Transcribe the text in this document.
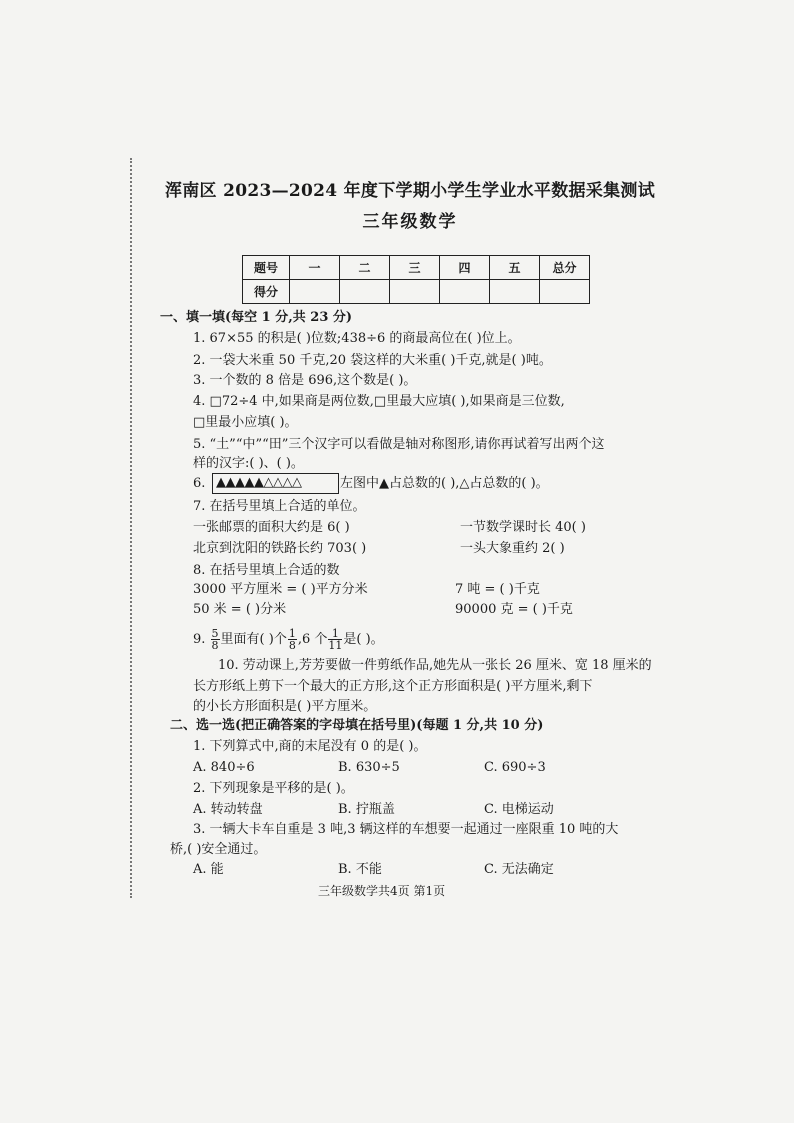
浑南区 2023—2024 年度下学期小学生学业水平数据采集测试
三年级数学
题号	一	二	三	四	五	总分
得分						
一、填一填(每空 1 分,共 23 分)
1. 67×55 的积是( )位数;438÷6 的商最高位在( )位上。
2. 一袋大米重 50 千克,20 袋这样的大米重( )千克,就是( )吨。
3. 一个数的 8 倍是 696,这个数是( )。
4. □72÷4 中,如果商是两位数,□里最大应填( ),如果商是三位数,
□里最小应填( )。
5. “土”“中”“田”三个汉字可以看做是轴对称图形,请你再试着写出两个这
样的汉字:( )、( )。
6. ▲▲▲▲▲△△△△	左图中▲占总数的( ),△占总数的( )。
7. 在括号里填上合适的单位。
一张邮票的面积大约是 6( )	一节数学课时长 40( )
北京到沈阳的铁路长约 703( )	一头大象重约 2( )
8. 在括号里填上合适的数
3000 平方厘米 = ( )平方分米	7 吨 = ( )千克
50 米 = ( )分米	90000 克 = ( )千克
9. $\frac{5}{8}$ 里面有( )个 $\frac{1}{8} ,6$ 个 $\frac{1}{11}$ 是( )。
10. 劳动课上,芳芳要做一件剪纸作品,她先从一张长 26 厘米、宽 18 厘米的
长方形纸上剪下一个最大的正方形,这个正方形面积是( )平方厘米,剩下
的小长方形面积是( )平方厘米。
二、选一选(把正确答案的字母填在括号里)(每题 1 分,共 10 分)
1. 下列算式中,商的末尾没有 0 的是( )。
A. 840÷6	B. 630÷5	C. 690÷3
2. 下列现象是平移的是( )。
A. 转动转盘	B. 拧瓶盖	C. 电梯运动
3. 一辆大卡车自重是 3 吨,3 辆这样的车想要一起通过一座限重 10 吨的大
桥,( )安全通过。
A. 能	B. 不能	C. 无法确定
三年级数学共4页 第1页
